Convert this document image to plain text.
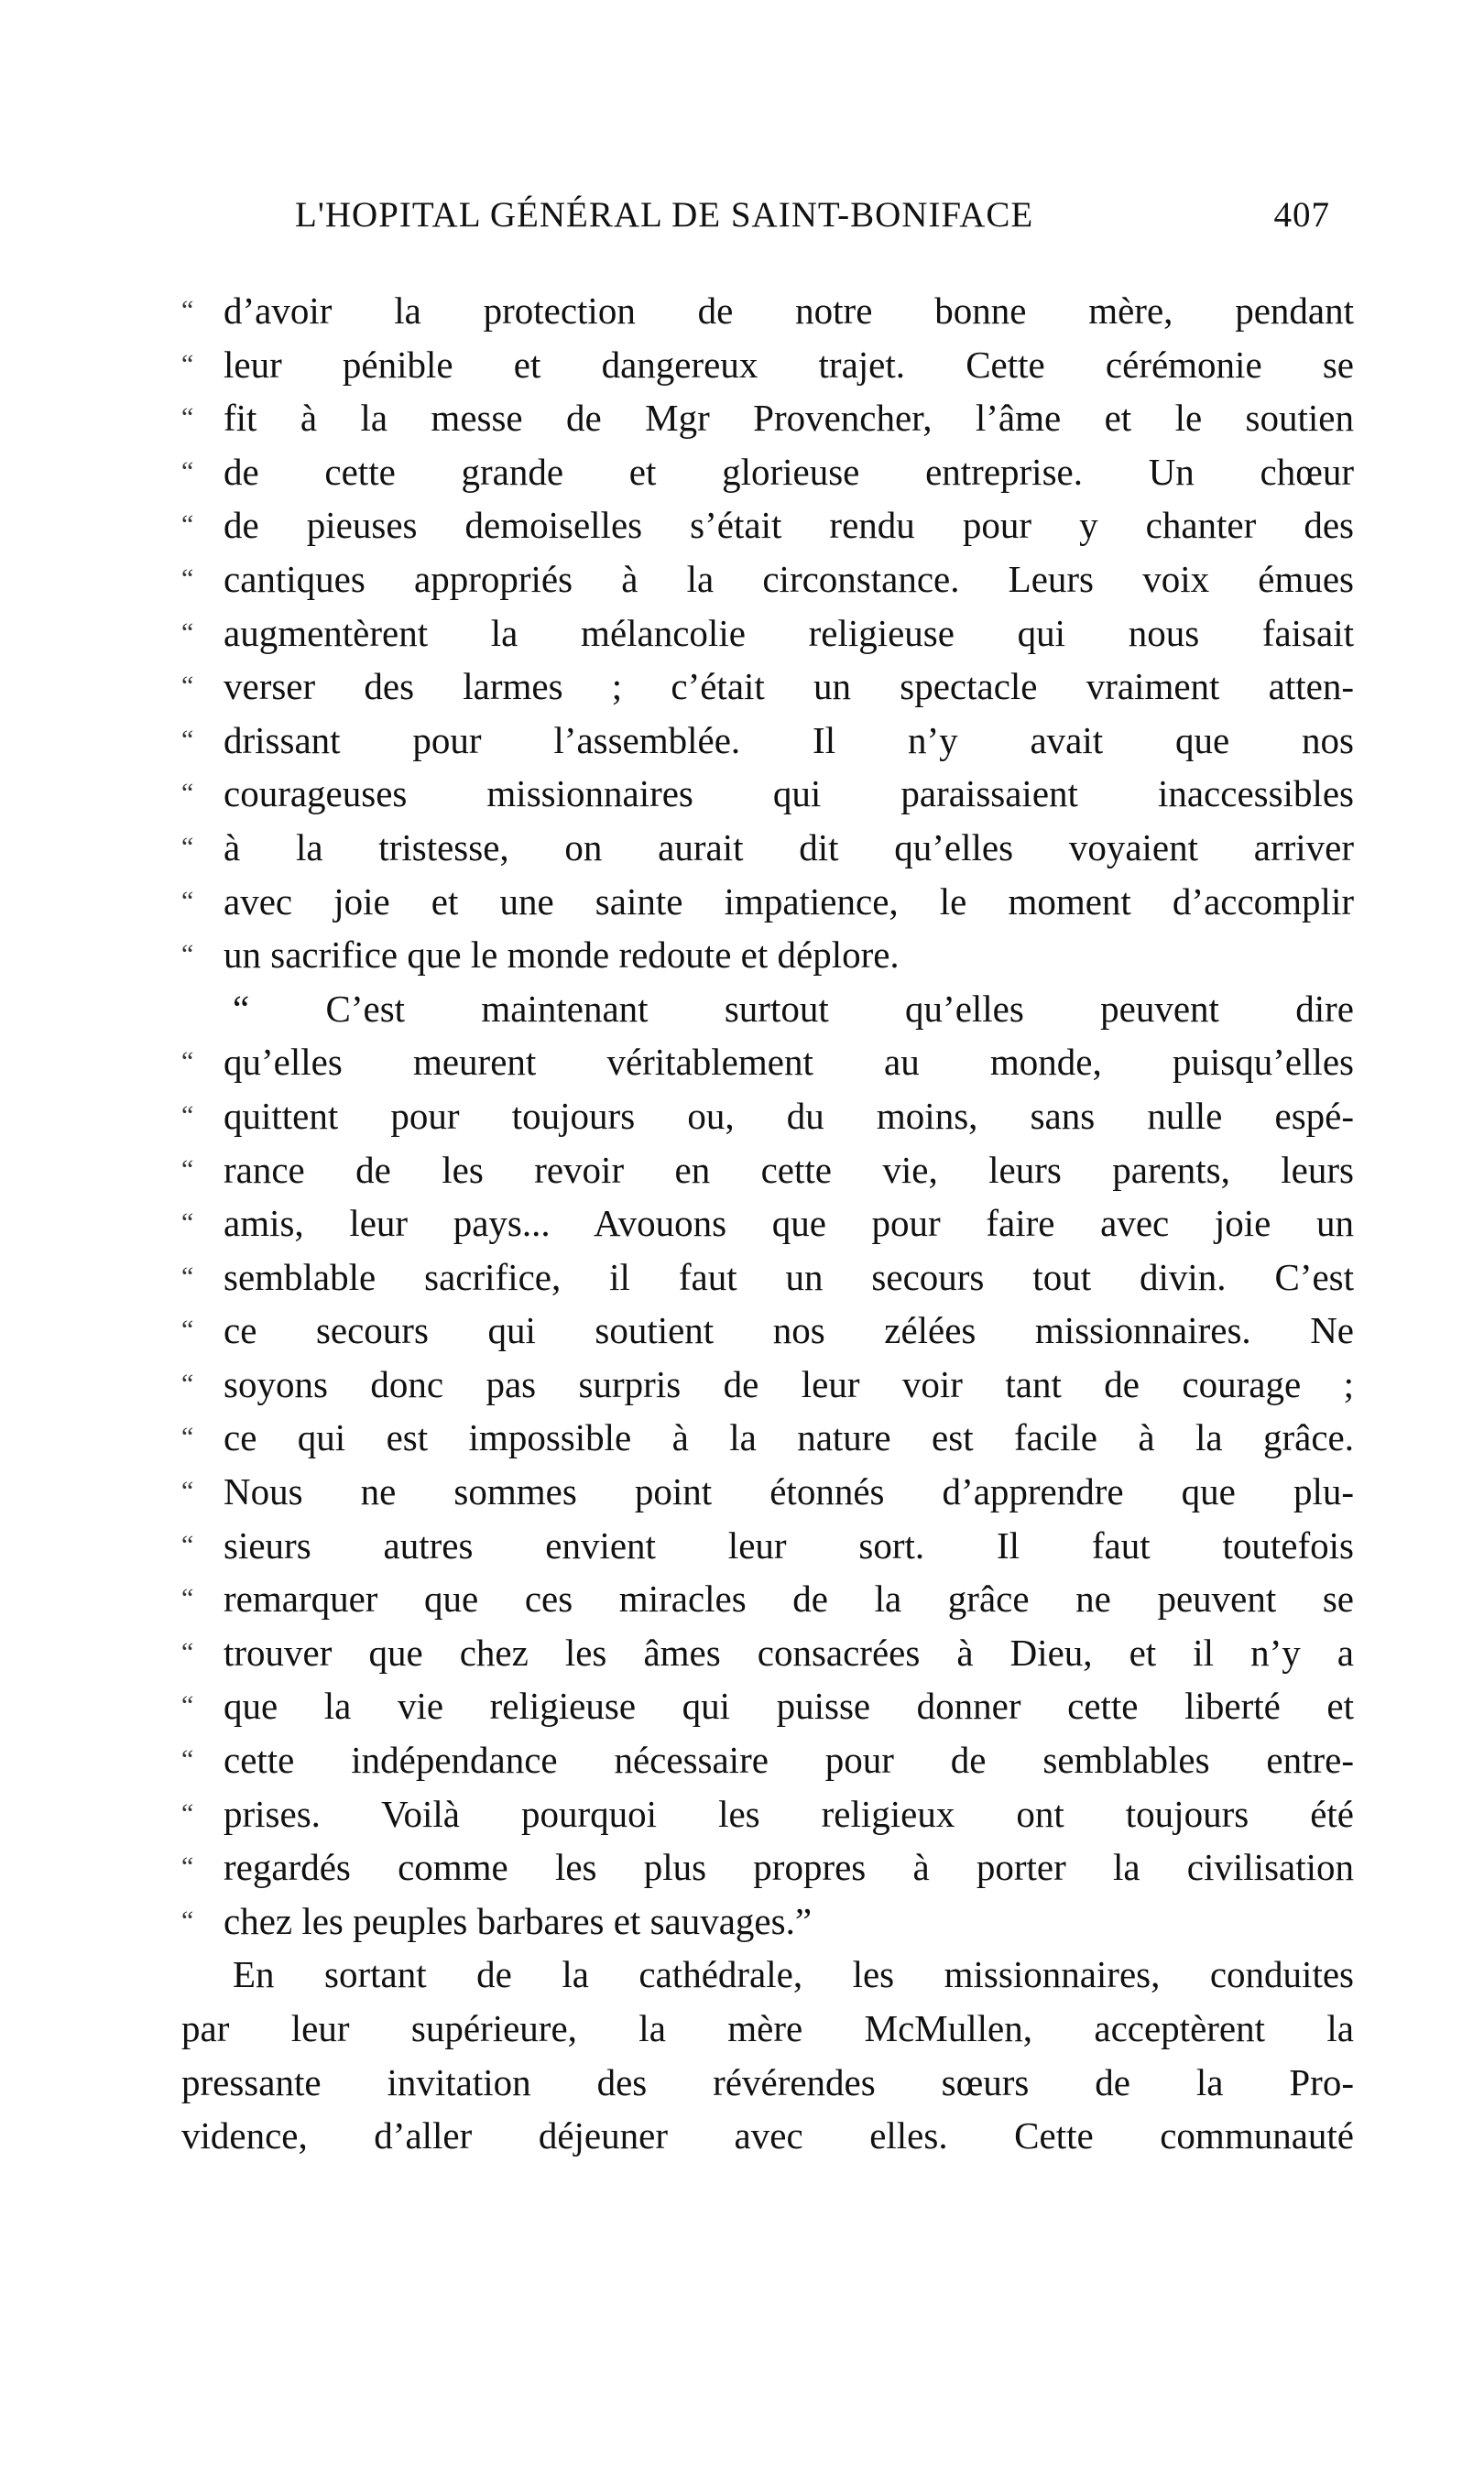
L'HOPITAL GÉNÉRAL DE SAINT-BONIFACE	407
“ d’avoir la protection de notre bonne mère, pendant
“ leur pénible et dangereux trajet. Cette cérémonie se
“ fit à la messe de Mgr Provencher, l’âme et le soutien
“ de cette grande et glorieuse entreprise. Un chœur
“ de pieuses demoiselles s’était rendu pour y chanter des
“ cantiques appropriés à la circonstance. Leurs voix émues
“ augmentèrent la mélancolie religieuse qui nous faisait
“ verser des larmes ; c’était un spectacle vraiment atten-
“ drissant pour l’assemblée. Il n’y avait que nos
“ courageuses missionnaires qui paraissaient inaccessibles
“ à la tristesse, on aurait dit qu’elles voyaient arriver
“ avec joie et une sainte impatience, le moment d’accomplir
“ un sacrifice que le monde redoute et déplore.
“ C’est maintenant surtout qu’elles peuvent dire
“ qu’elles meurent véritablement au monde, puisqu’elles
“ quittent pour toujours ou, du moins, sans nulle espé-
“ rance de les revoir en cette vie, leurs parents, leurs
“ amis, leur pays... Avouons que pour faire avec joie un
“ semblable sacrifice, il faut un secours tout divin. C’est
“ ce secours qui soutient nos zélées missionnaires. Ne
“ soyons donc pas surpris de leur voir tant de courage ;
“ ce qui est impossible à la nature est facile à la grâce.
“ Nous ne sommes point étonnés d’apprendre que plu-
“ sieurs autres envient leur sort. Il faut toutefois
“ remarquer que ces miracles de la grâce ne peuvent se
“ trouver que chez les âmes consacrées à Dieu, et il n’y a
“ que la vie religieuse qui puisse donner cette liberté et
“ cette indépendance nécessaire pour de semblables entre-
“ prises. Voilà pourquoi les religieux ont toujours été
“ regardés comme les plus propres à porter la civilisation
“ chez les peuples barbares et sauvages.”
En sortant de la cathédrale, les missionnaires, conduites
par leur supérieure, la mère McMullen, acceptèrent la
pressante invitation des révérendes sœurs de la Pro-
vidence, d’aller déjeuner avec elles. Cette communauté
